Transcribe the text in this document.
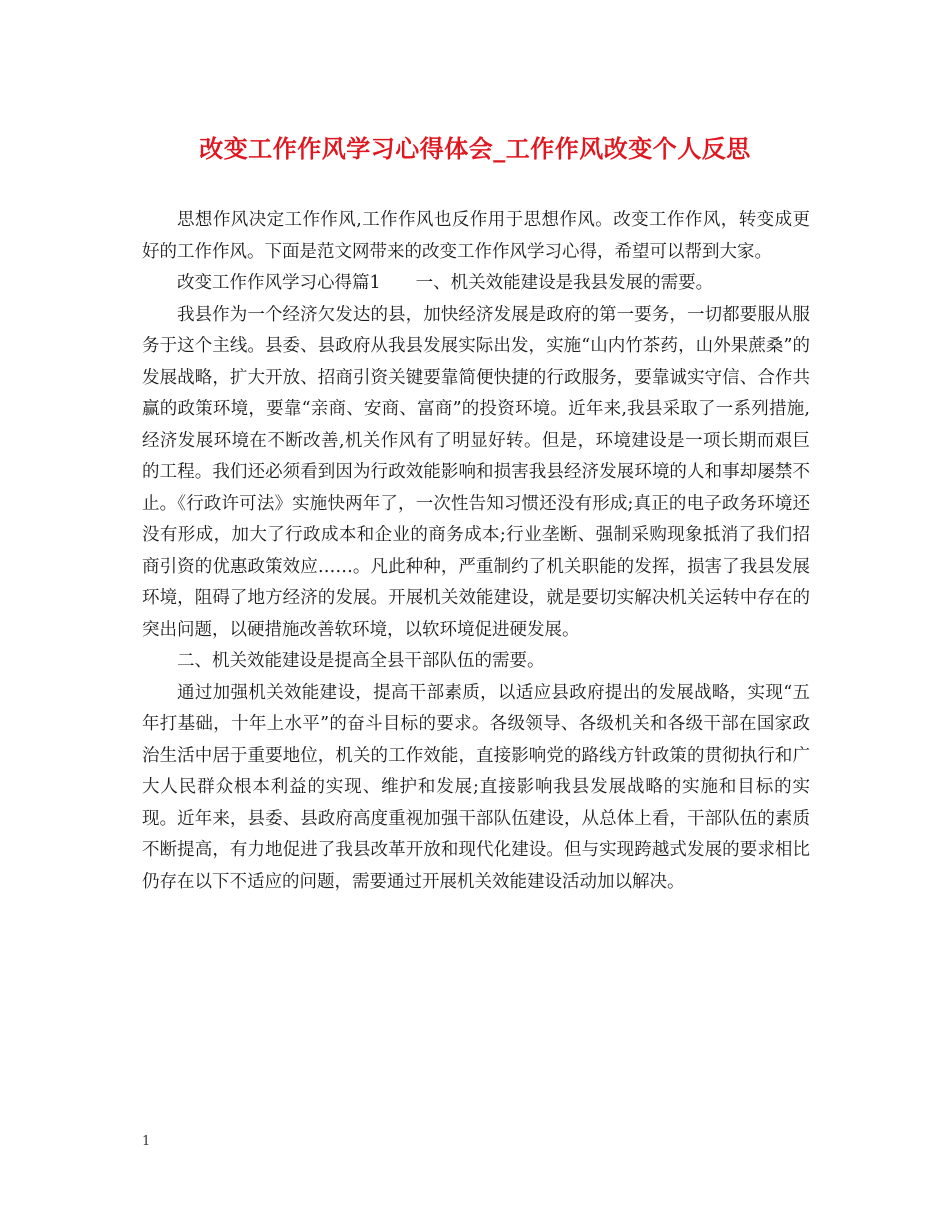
改变工作作风学习心得体会_工作作风改变个人反思

思想作风决定工作作风,工作作风也反作用于思想作风。改变工作作风，转变成更好的工作作风。下面是范文网带来的改变工作作风学习心得，希望可以帮到大家。

改变工作作风学习心得篇1　　一、机关效能建设是我县发展的需要。

我县作为一个经济欠发达的县，加快经济发展是政府的第一要务，一切都要服从服务于这个主线。县委、县政府从我县发展实际出发，实施“山内竹茶药，山外果蔗桑”的发展战略，扩大开放、招商引资关键要靠简便快捷的行政服务，要靠诚实守信、合作共赢的政策环境，要靠“亲商、安商、富商”的投资环境。近年来,我县采取了一系列措施,经济发展环境在不断改善,机关作风有了明显好转。但是，环境建设是一项长期而艰巨的工程。我们还必须看到因为行政效能影响和损害我县经济发展环境的人和事却屡禁不止。《行政许可法》实施快两年了，一次性告知习惯还没有形成;真正的电子政务环境还没有形成，加大了行政成本和企业的商务成本;行业垄断、强制采购现象抵消了我们招商引资的优惠政策效应……。凡此种种，严重制约了机关职能的发挥，损害了我县发展环境，阻碍了地方经济的发展。开展机关效能建设，就是要切实解决机关运转中存在的突出问题，以硬措施改善软环境，以软环境促进硬发展。

二、机关效能建设是提高全县干部队伍的需要。

通过加强机关效能建设，提高干部素质，以适应县政府提出的发展战略，实现“五年打基础，十年上水平”的奋斗目标的要求。各级领导、各级机关和各级干部在国家政治生活中居于重要地位，机关的工作效能，直接影响党的路线方针政策的贯彻执行和广大人民群众根本利益的实现、维护和发展;直接影响我县发展战略的实施和目标的实现。近年来，县委、县政府高度重视加强干部队伍建设，从总体上看，干部队伍的素质不断提高，有力地促进了我县改革开放和现代化建设。但与实现跨越式发展的要求相比仍存在以下不适应的问题，需要通过开展机关效能建设活动加以解决。

1
